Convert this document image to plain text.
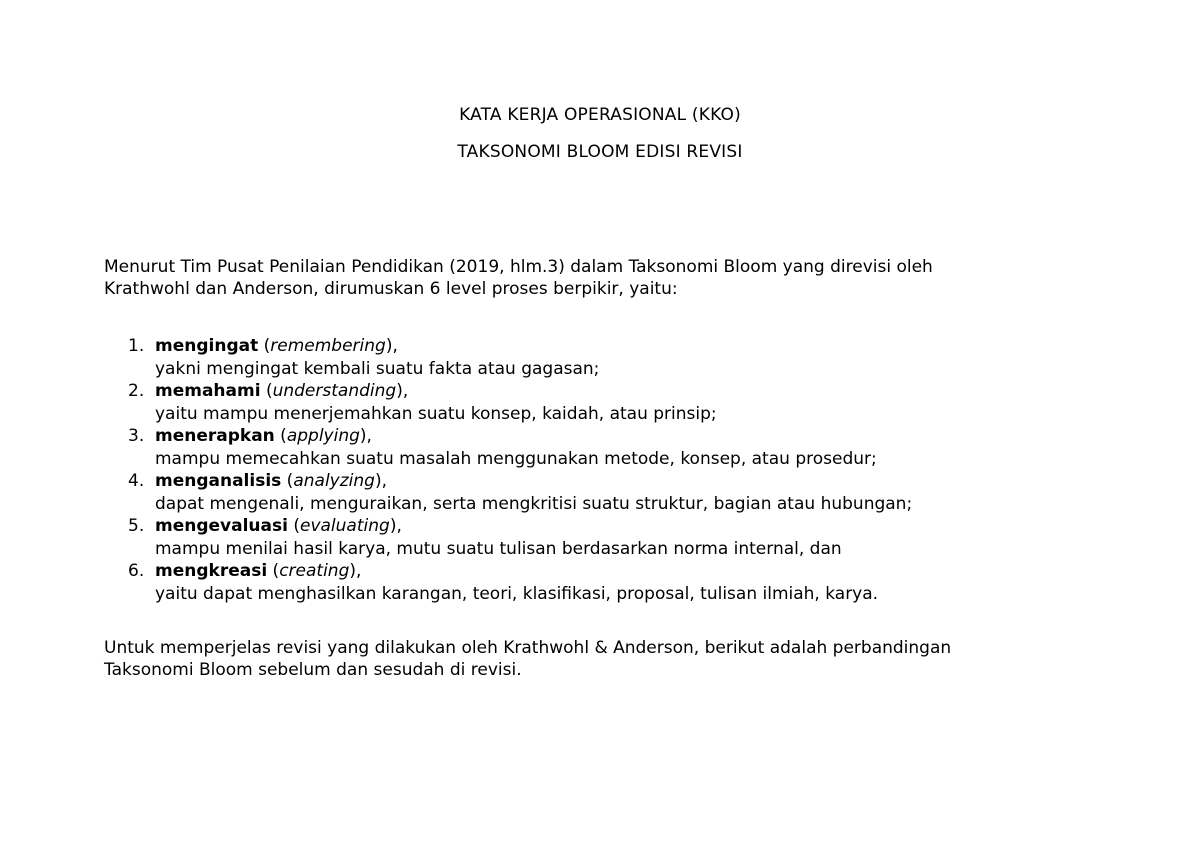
KATA KERJA OPERASIONAL (KKO)
TAKSONOMI BLOOM EDISI REVISI
Menurut Tim Pusat Penilaian Pendidikan (2019, hlm.3) dalam Taksonomi Bloom yang direvisi oleh
Krathwohl dan Anderson, dirumuskan 6 level proses berpikir, yaitu:
1. mengingat (remembering),
yakni mengingat kembali suatu fakta atau gagasan;
2. memahami (understanding),
yaitu mampu menerjemahkan suatu konsep, kaidah, atau prinsip;
3. menerapkan (applying),
mampu memecahkan suatu masalah menggunakan metode, konsep, atau prosedur;
4. menganalisis (analyzing),
dapat mengenali, menguraikan, serta mengkritisi suatu struktur, bagian atau hubungan;
5. mengevaluasi (evaluating),
mampu menilai hasil karya, mutu suatu tulisan berdasarkan norma internal, dan
6. mengkreasi (creating),
yaitu dapat menghasilkan karangan, teori, klasifikasi, proposal, tulisan ilmiah, karya.
Untuk memperjelas revisi yang dilakukan oleh Krathwohl & Anderson, berikut adalah perbandingan
Taksonomi Bloom sebelum dan sesudah di revisi.
